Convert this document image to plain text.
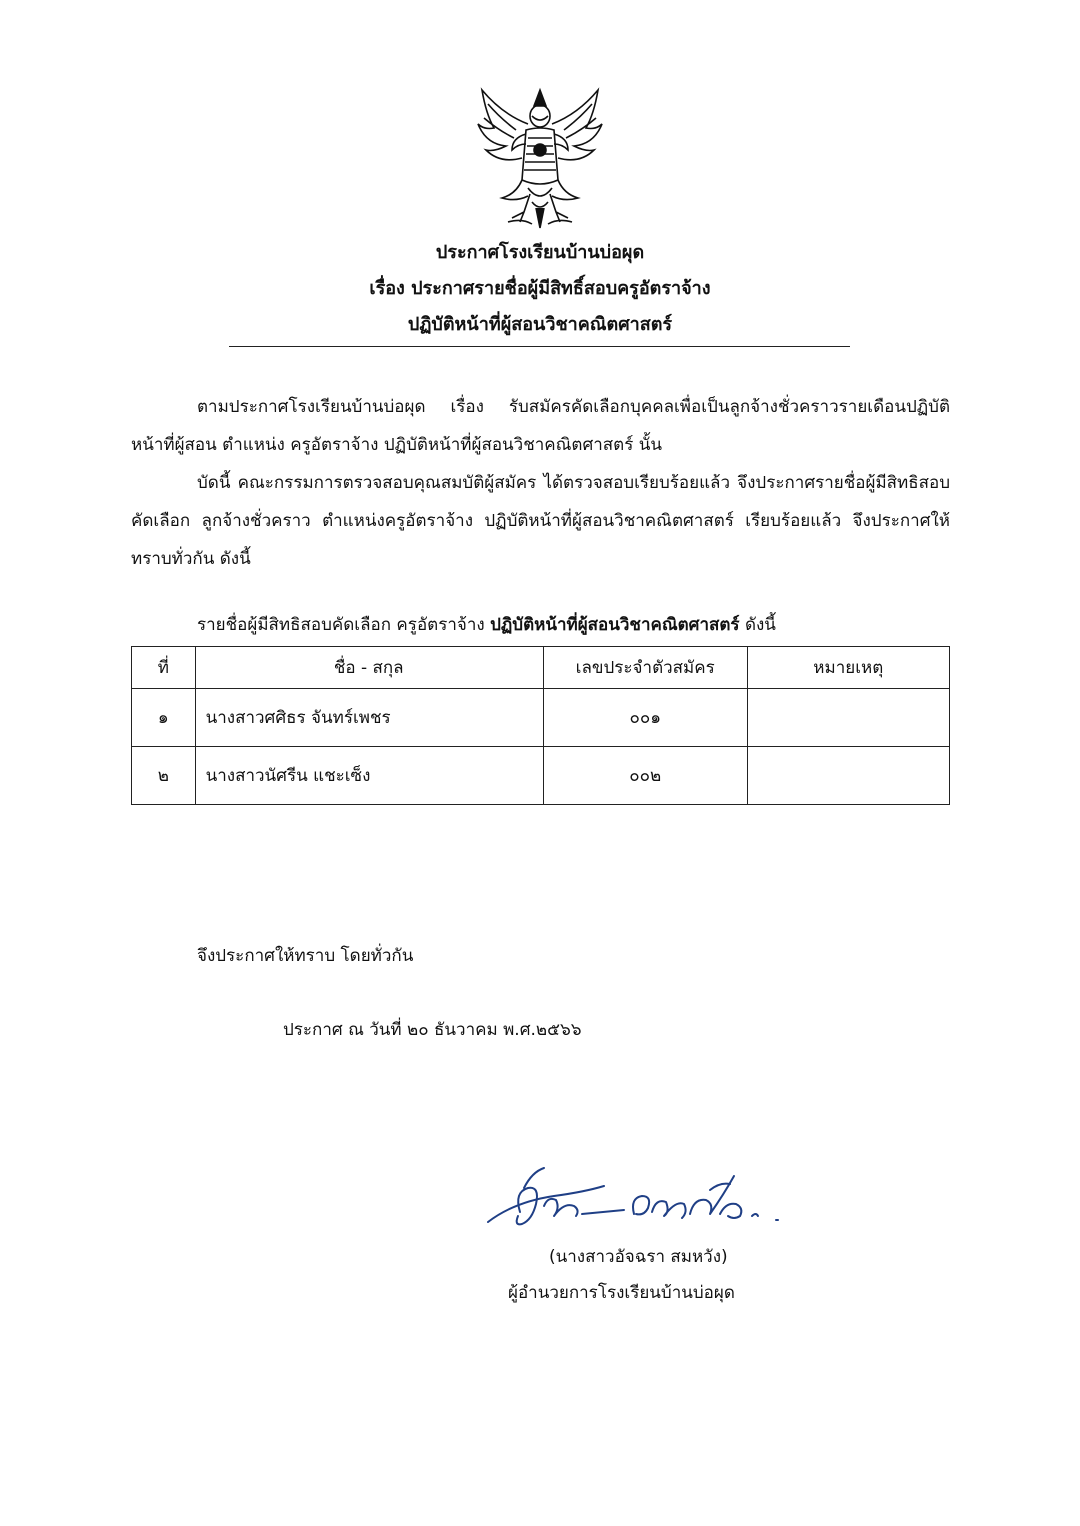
ประกาศโรงเรียนบ้านบ่อผุด
เรื่อง ประกาศรายชื่อผู้มีสิทธิ์สอบครูอัตราจ้าง
ปฏิบัติหน้าที่ผู้สอนวิชาคณิตศาสตร์
ตามประกาศโรงเรียนบ้านบ่อผุด เรื่อง รับสมัครคัดเลือกบุคคลเพื่อเป็นลูกจ้างชั่วคราวรายเดือนปฏิบัติหน้าที่ผู้สอน ตำแหน่ง ครูอัตราจ้าง ปฏิบัติหน้าที่ผู้สอนวิชาคณิตศาสตร์ นั้น
บัดนี้ คณะกรรมการตรวจสอบคุณสมบัติผู้สมัคร ได้ตรวจสอบเรียบร้อยแล้ว จึงประกาศรายชื่อผู้มีสิทธิสอบคัดเลือก ลูกจ้างชั่วคราว ตำแหน่งครูอัตราจ้าง ปฏิบัติหน้าที่ผู้สอนวิชาคณิตศาสตร์ เรียบร้อยแล้ว จึงประกาศให้ทราบทั่วกัน ดังนี้
รายชื่อผู้มีสิทธิสอบคัดเลือก ครูอัตราจ้าง ปฏิบัติหน้าที่ผู้สอนวิชาคณิตศาสตร์ ดังนี้
ที่	ชื่อ - สกุล	เลขประจำตัวสมัคร	หมายเหตุ
๑	นางสาวศศิธร จันทร์เพชร	๐๐๑	
๒	นางสาวนัศรีน แชะเซ็ง	๐๐๒	
จึงประกาศให้ทราบ โดยทั่วกัน
ประกาศ ณ วันที่ ๒๐ ธันวาคม พ.ศ.๒๕๖๖
(นางสาวอัจฉรา สมหวัง)
ผู้อำนวยการโรงเรียนบ้านบ่อผุด
